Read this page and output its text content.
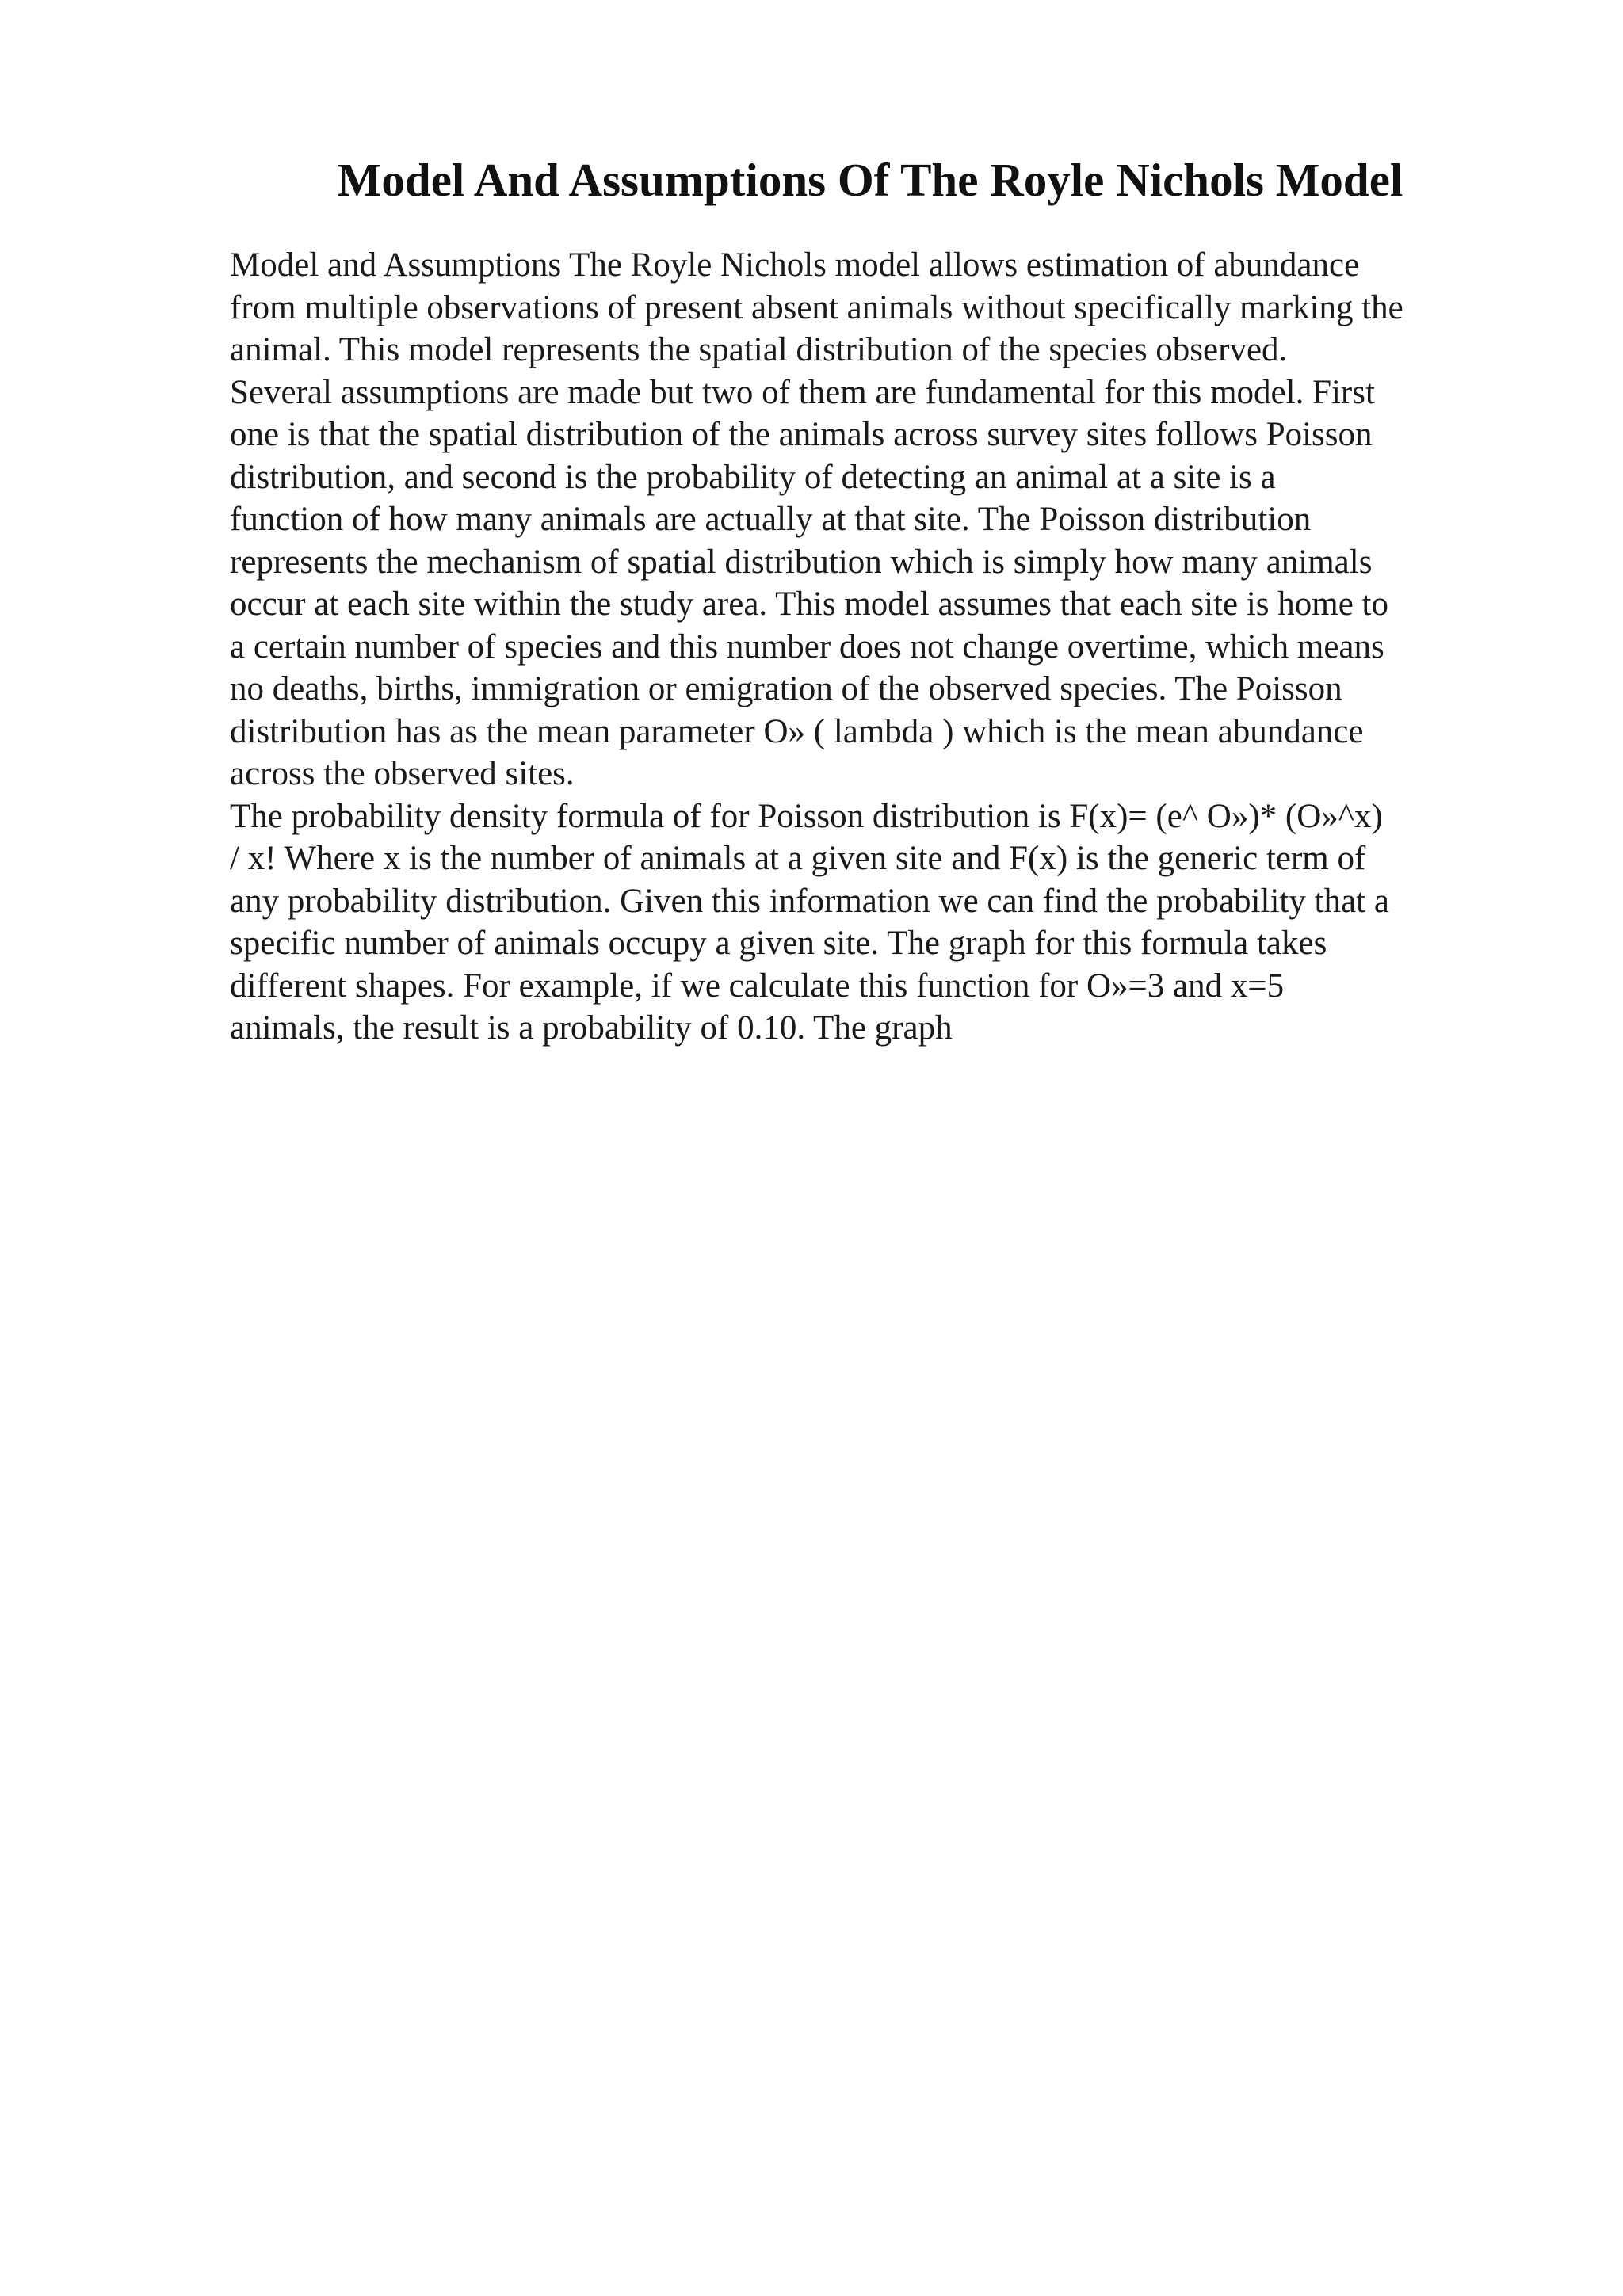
Model And Assumptions Of The Royle Nichols Model
Model and Assumptions The Royle Nichols model allows estimation of abundance
from multiple observations of present absent animals without specifically marking the
animal. This model represents the spatial distribution of the species observed.
Several assumptions are made but two of them are fundamental for this model. First
one is that the spatial distribution of the animals across survey sites follows Poisson
distribution, and second is the probability of detecting an animal at a site is a
function of how many animals are actually at that site. The Poisson distribution
represents the mechanism of spatial distribution which is simply how many animals
occur at each site within the study area. This model assumes that each site is home to
a certain number of species and this number does not change overtime, which means
no deaths, births, immigration or emigration of the observed species. The Poisson
distribution has as the mean parameter O» ( lambda ) which is the mean abundance
across the observed sites.
The probability density formula of for Poisson distribution is F(x)= (e^ O»)* (O»^x)
/ x! Where x is the number of animals at a given site and F(x) is the generic term of
any probability distribution. Given this information we can find the probability that a
specific number of animals occupy a given site. The graph for this formula takes
different shapes. For example, if we calculate this function for O»=3 and x=5
animals, the result is a probability of 0.10. The graph
